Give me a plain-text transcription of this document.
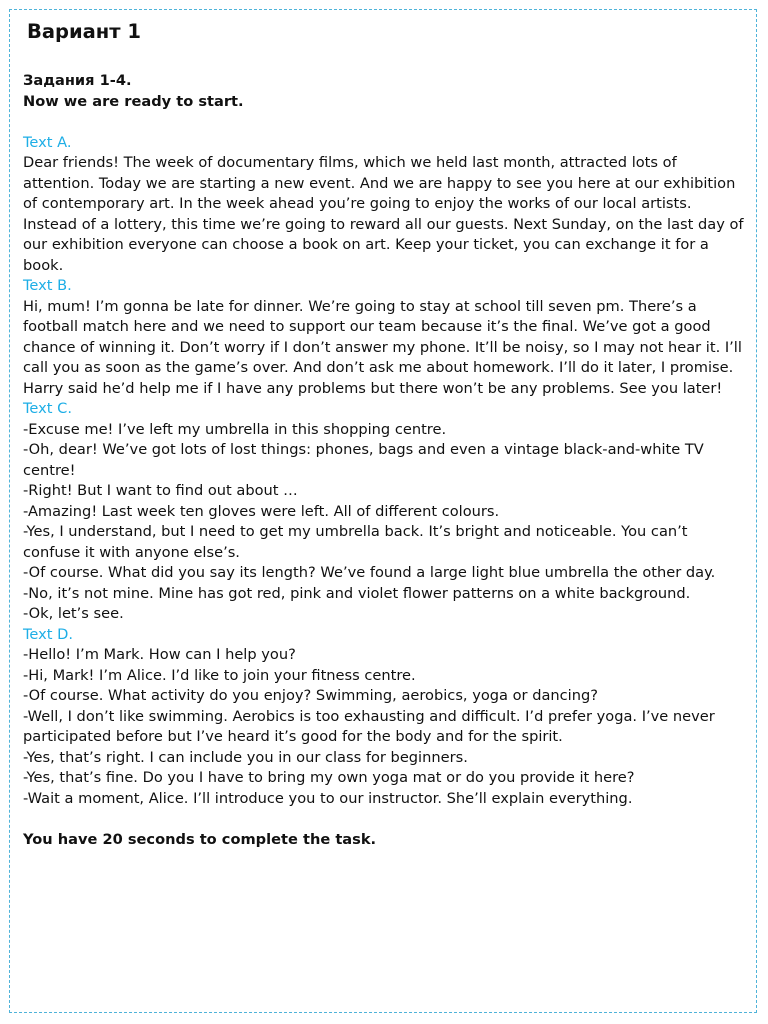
Вариант 1

Задания 1-4.

Now we are ready to start.

Text A.

Dear friends! The week of documentary films, which we held last month, attracted lots of attention. Today we are starting a new event. And we are happy to see you here at our exhibition of contemporary art. In the week ahead you’re going to enjoy the works of our local artists. Instead of a lottery, this time we’re going to reward all our guests. Next Sunday, on the last day of our exhibition everyone can choose a book on art. Keep your ticket, you can exchange it for a book.

Text B.

Hi, mum! I’m gonna be late for dinner. We’re going to stay at school till seven pm. There’s a football match here and we need to support our team because it’s the final. We’ve got a good chance of winning it. Don’t worry if I don’t answer my phone. It’ll be noisy, so I may not hear it. I’ll call you as soon as the game’s over. And don’t ask me about homework. I’ll do it later, I promise. Harry said he’d help me if I have any problems but there won’t be any problems. See you later!

Text C.

-Excuse me! I’ve left my umbrella in this shopping centre.

-Oh, dear! We’ve got lots of lost things: phones, bags and even a vintage black-and-white TV centre!

-Right! But I want to find out about …

-Amazing! Last week ten gloves were left. All of different colours.

-Yes, I understand, but I need to get my umbrella back. It’s bright and noticeable. You can’t confuse it with anyone else’s.

-Of course. What did you say its length? We’ve found a large light blue umbrella the other day.

-No, it’s not mine. Mine has got red, pink and violet flower patterns on a white background.

-Ok, let’s see.

Text D.

-Hello! I’m Mark. How can I help you?

-Hi, Mark! I’m Alice. I’d like to join your fitness centre.

-Of course. What activity do you enjoy? Swimming, aerobics, yoga or dancing?

-Well, I don’t like swimming. Aerobics is too exhausting and difficult. I’d prefer yoga. I’ve never participated before but I’ve heard it’s good for the body and for the spirit.

-Yes, that’s right. I can include you in our class for beginners.

-Yes, that’s fine. Do you I have to bring my own yoga mat or do you provide it here?

-Wait a moment, Alice. I’ll introduce you to our instructor. She’ll explain everything.

You have 20 seconds to complete the task.
